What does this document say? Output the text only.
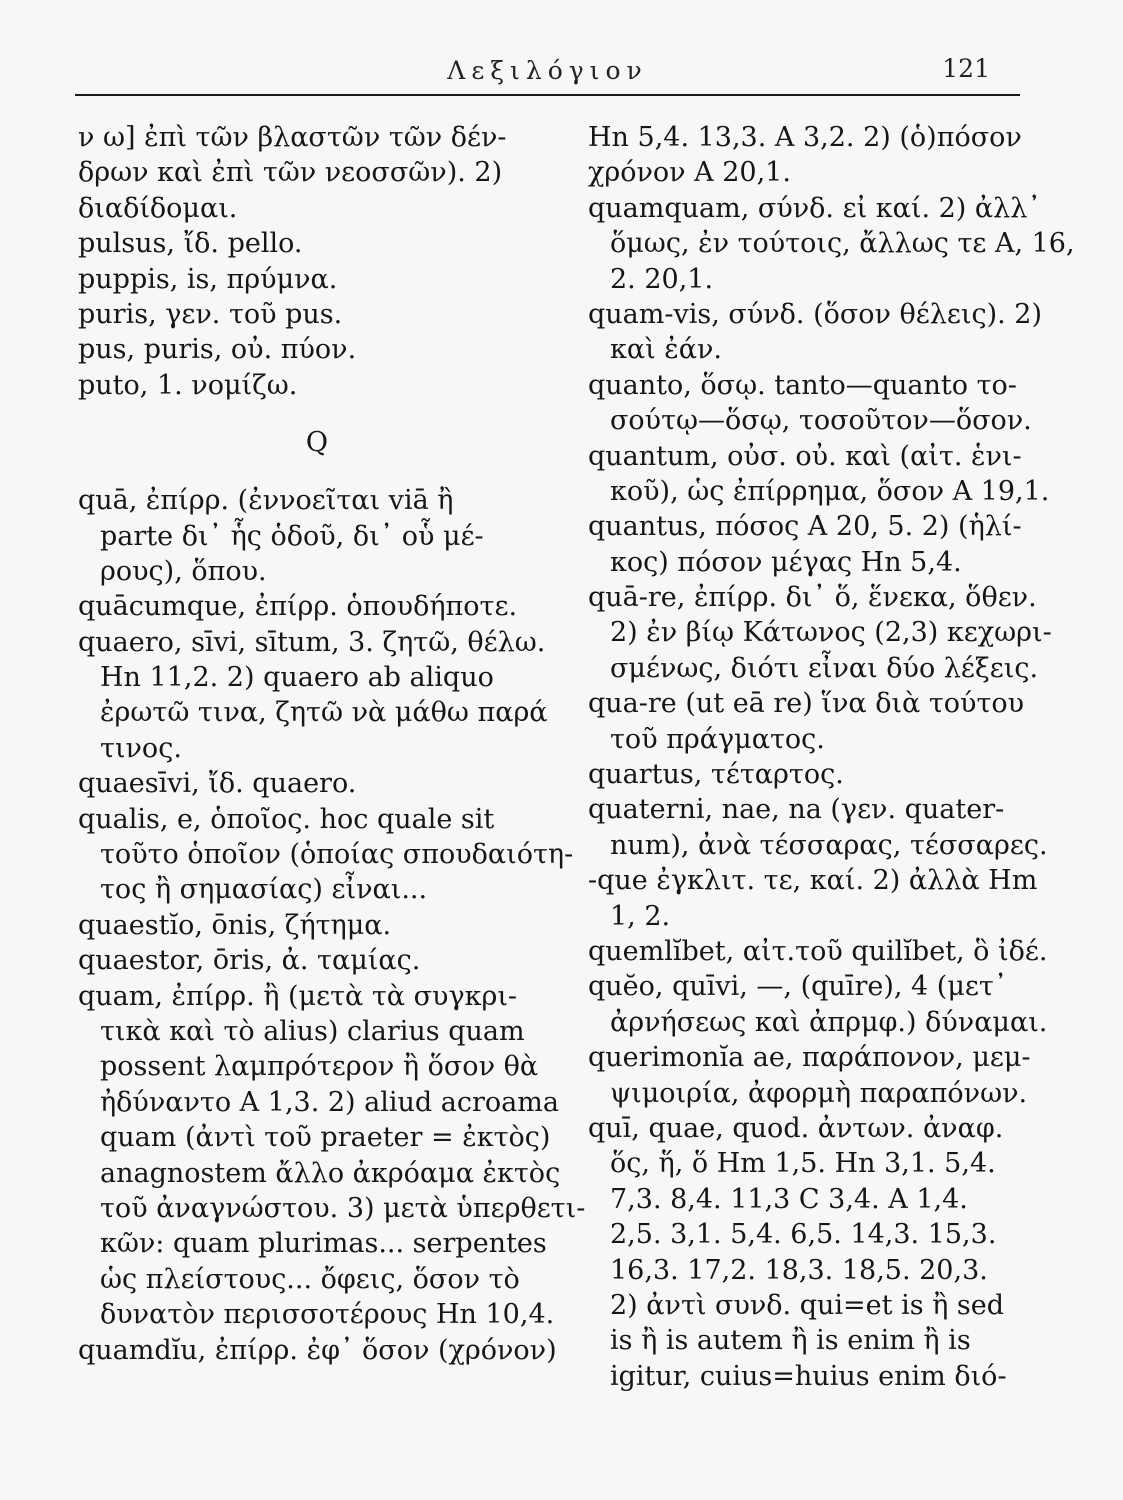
Λεξιλόγιον	121
ν ω] ἐπὶ τῶν βλαστῶν τῶν δέν-
δρων καὶ ἐπὶ τῶν νεοσσῶν). 2)
διαδίδομαι.
pulsus, ἴδ. pello.
puppis, is, πρύμνα.
puris, γεν. τοῦ pus.
pus, puris, οὐ. πύον.
puto, 1. νομίζω.
Q
quā, ἐπίρρ. (ἐννοεῖται viā ἢ
parte δι᾽ ἧς ὁδοῦ, δι᾽ οὗ μέ-
ρους), ὅπου.
quācumque, ἐπίρρ. ὁπουδήποτε.
quaero, sīvi, sītum, 3. ζητῶ, θέλω.
Hn 11,2. 2) quaero ab aliquo
ἐρωτῶ τινα, ζητῶ νὰ μάθω παρά
τινος.
quaesīvi, ἴδ. quaero.
qualis, e, ὁποῖος. hoc quale sit
τοῦτο ὁποῖον (ὁποίας σπουδαιότη-
τος ἢ σημασίας) εἶναι...
quaestĭo, ōnis, ζήτημα.
quaestor, ōris, ἀ. ταμίας.
quam, ἐπίρρ. ἢ (μετὰ τὰ συγκρι-
τικὰ καὶ τὸ alius) clarius quam
possent λαμπρότερον ἢ ὅσον θὰ
ἠδύναντο A 1,3. 2) aliud acroama
quam (ἀντὶ τοῦ praeter = ἐκτὸς)
anagnostem ἄλλο ἀκρόαμα ἐκτὸς
τοῦ ἀναγνώστου. 3) μετὰ ὑπερθετι-
κῶν: quam plurimas... serpentes
ὡς πλείστους... ὄφεις, ὅσον τὸ
δυνατὸν περισσοτέρους Hn 10,4.
quamdĭu, ἐπίρρ. ἐφ᾽ ὅσον (χρόνον)
Hn 5,4. 13,3. A 3,2. 2) (ὁ)πόσον
χρόνον A 20,1.
quamquam, σύνδ. εἰ καί. 2) ἀλλ᾽
ὅμως, ἐν τούτοις, ἄλλως τε A, 16,
2. 20,1.
quam-vis, σύνδ. (ὅσον θέλεις). 2)
καὶ ἐάν.
quanto, ὅσῳ. tanto—quanto το-
σούτῳ—ὅσῳ, τοσοῦτον—ὅσον.
quantum, οὐσ. οὐ. καὶ (αἰτ. ἑνι-
κοῦ), ὡς ἐπίρρημα, ὅσον A 19,1.
quantus, πόσος A 20, 5. 2) (ἡλί-
κος) πόσον μέγας Hn 5,4.
quā-re, ἐπίρρ. δι᾽ ὅ, ἕνεκα, ὅθεν.
2) ἐν βίῳ Κάτωνος (2,3) κεχωρι-
σμένως, διότι εἶναι δύο λέξεις.
qua-re (ut eā re) ἵνα διὰ τούτου
τοῦ πράγματος.
quartus, τέταρτος.
quaterni, nae, na (γεν. quater-
num), ἀνὰ τέσσαρας, τέσσαρες.
-que ἐγκλιτ. τε, καί. 2) ἀλλὰ Hm
1, 2.
quemlĭbet, αἰτ.τοῦ quilĭbet, ὃ ἰδέ.
quĕo, quīvi, —, (quīre), 4 (μετ᾽
ἀρνήσεως καὶ ἀπρμφ.) δύναμαι.
querimonĭa ae, παράπονον, μεμ-
ψιμοιρία, ἀφορμὴ παραπόνων.
quī, quae, quod. ἀντων. ἀναφ.
ὅς, ἥ, ὅ Hm 1,5. Hn 3,1. 5,4.
7,3. 8,4. 11,3 C 3,4. A 1,4.
2,5. 3,1. 5,4. 6,5. 14,3. 15,3.
16,3. 17,2. 18,3. 18,5. 20,3.
2) ἀντὶ συνδ. qui=et is ἢ sed
is ἢ is autem ἢ is enim ἢ is
igitur, cuius=huius enim διό-
